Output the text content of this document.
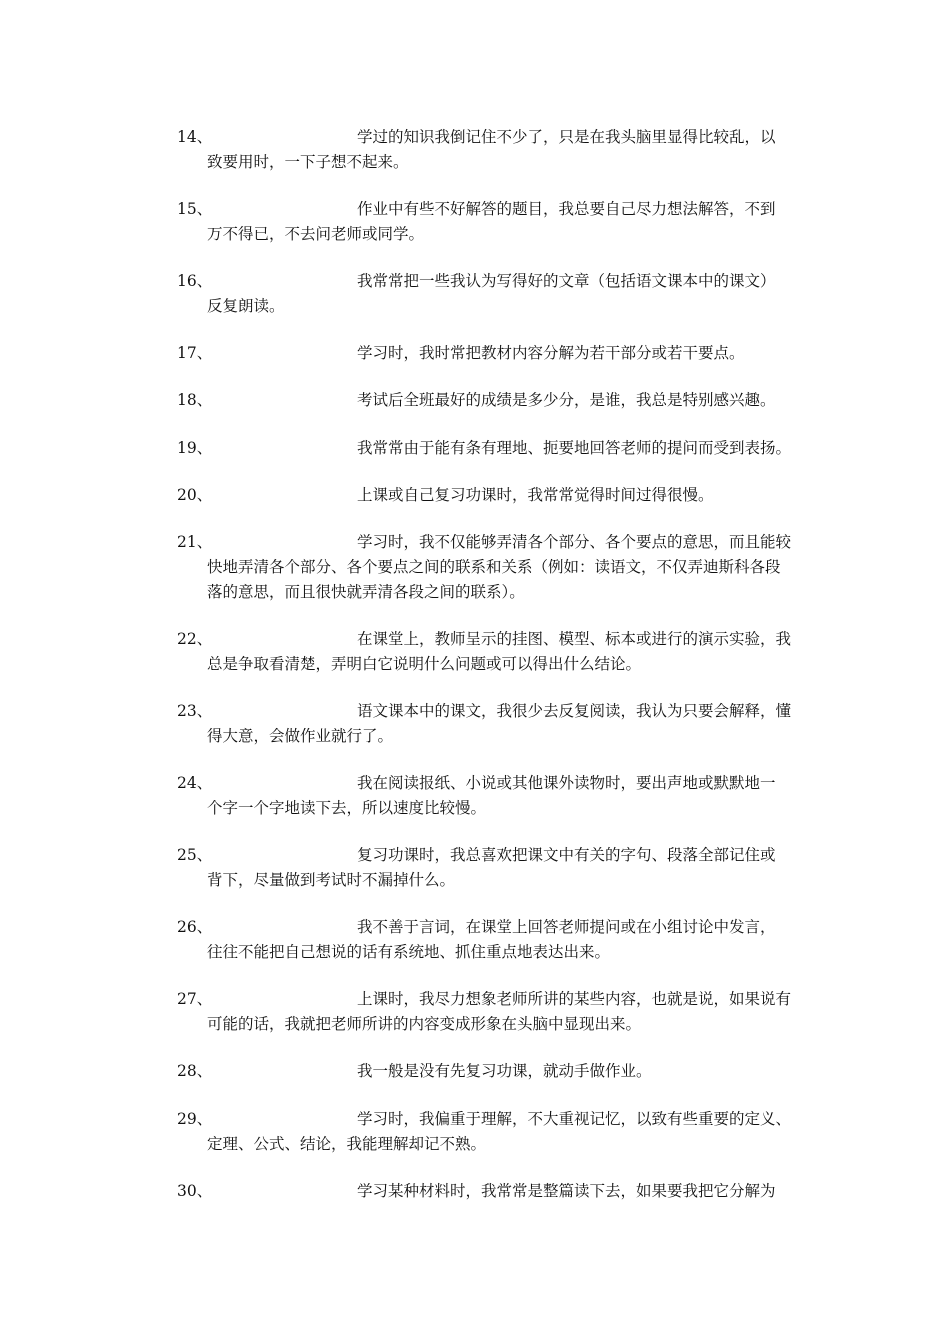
14、	学过的知识我倒记住不少了，只是在我头脑里显得比较乱，以
致要用时，一下子想不起来。
15、	作业中有些不好解答的题目，我总要自己尽力想法解答，不到
万不得已，不去问老师或同学。
16、	我常常把一些我认为写得好的文章（包括语文课本中的课文）
反复朗读。
17、	学习时，我时常把教材内容分解为若干部分或若干要点。
18、	考试后全班最好的成绩是多少分，是谁，我总是特别感兴趣。
19、	我常常由于能有条有理地、扼要地回答老师的提问而受到表扬。
20、	上课或自己复习功课时，我常常觉得时间过得很慢。
21、	学习时，我不仅能够弄清各个部分、各个要点的意思，而且能较
快地弄清各个部分、各个要点之间的联系和关系（例如：读语文，不仅弄迪斯科各段
落的意思，而且很快就弄清各段之间的联系）。
22、	在课堂上，教师呈示的挂图、模型、标本或进行的演示实验，我
总是争取看清楚，弄明白它说明什么问题或可以得出什么结论。
23、	语文课本中的课文，我很少去反复阅读，我认为只要会解释，懂
得大意，会做作业就行了。
24、	我在阅读报纸、小说或其他课外读物时，要出声地或默默地一
个字一个字地读下去，所以速度比较慢。
25、	复习功课时，我总喜欢把课文中有关的字句、段落全部记住或
背下，尽量做到考试时不漏掉什么。
26、	我不善于言词，在课堂上回答老师提问或在小组讨论中发言，
往往不能把自己想说的话有系统地、抓住重点地表达出来。
27、	上课时，我尽力想象老师所讲的某些内容，也就是说，如果说有
可能的话，我就把老师所讲的内容变成形象在头脑中显现出来。
28、	我一般是没有先复习功课，就动手做作业。
29、	学习时，我偏重于理解，不大重视记忆，以致有些重要的定义、
定理、公式、结论，我能理解却记不熟。
30、	学习某种材料时，我常常是整篇读下去，如果要我把它分解为
